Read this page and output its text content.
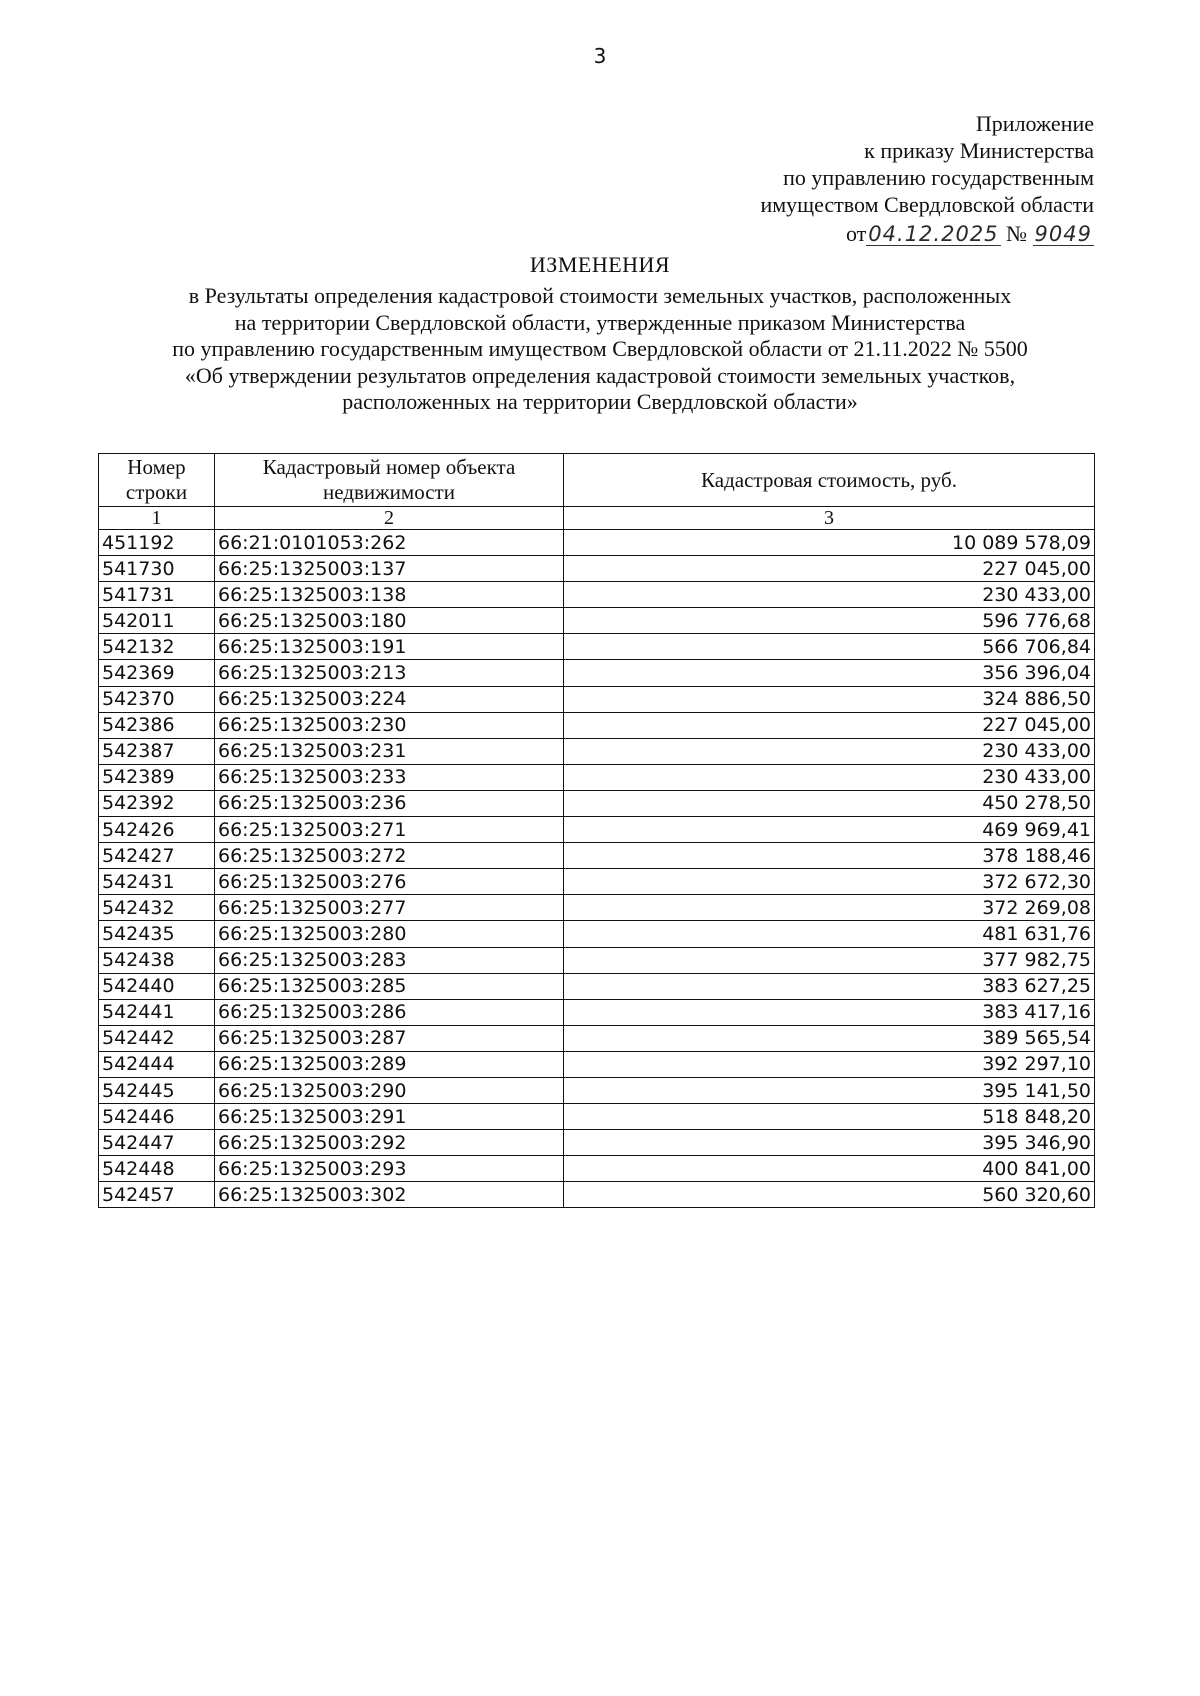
3
Приложение
к приказу Министерства
по управлению государственным
имуществом Свердловской области
от04.12.2025 № 9049
ИЗМЕНЕНИЯ
в Результаты определения кадастровой стоимости земельных участков, расположенных
на территории Свердловской области, утвержденные приказом Министерства
по управлению государственным имуществом Свердловской области от 21.11.2022 № 5500
«Об утверждении результатов определения кадастровой стоимости земельных участков,
расположенных на территории Свердловской области»
Номер строки	Кадастровый номер объекта недвижимости	Кадастровая стоимость, руб.
1	2	3
451192	66:21:0101053:262	10 089 578,09
541730	66:25:1325003:137	227 045,00
541731	66:25:1325003:138	230 433,00
542011	66:25:1325003:180	596 776,68
542132	66:25:1325003:191	566 706,84
542369	66:25:1325003:213	356 396,04
542370	66:25:1325003:224	324 886,50
542386	66:25:1325003:230	227 045,00
542387	66:25:1325003:231	230 433,00
542389	66:25:1325003:233	230 433,00
542392	66:25:1325003:236	450 278,50
542426	66:25:1325003:271	469 969,41
542427	66:25:1325003:272	378 188,46
542431	66:25:1325003:276	372 672,30
542432	66:25:1325003:277	372 269,08
542435	66:25:1325003:280	481 631,76
542438	66:25:1325003:283	377 982,75
542440	66:25:1325003:285	383 627,25
542441	66:25:1325003:286	383 417,16
542442	66:25:1325003:287	389 565,54
542444	66:25:1325003:289	392 297,10
542445	66:25:1325003:290	395 141,50
542446	66:25:1325003:291	518 848,20
542447	66:25:1325003:292	395 346,90
542448	66:25:1325003:293	400 841,00
542457	66:25:1325003:302	560 320,60
